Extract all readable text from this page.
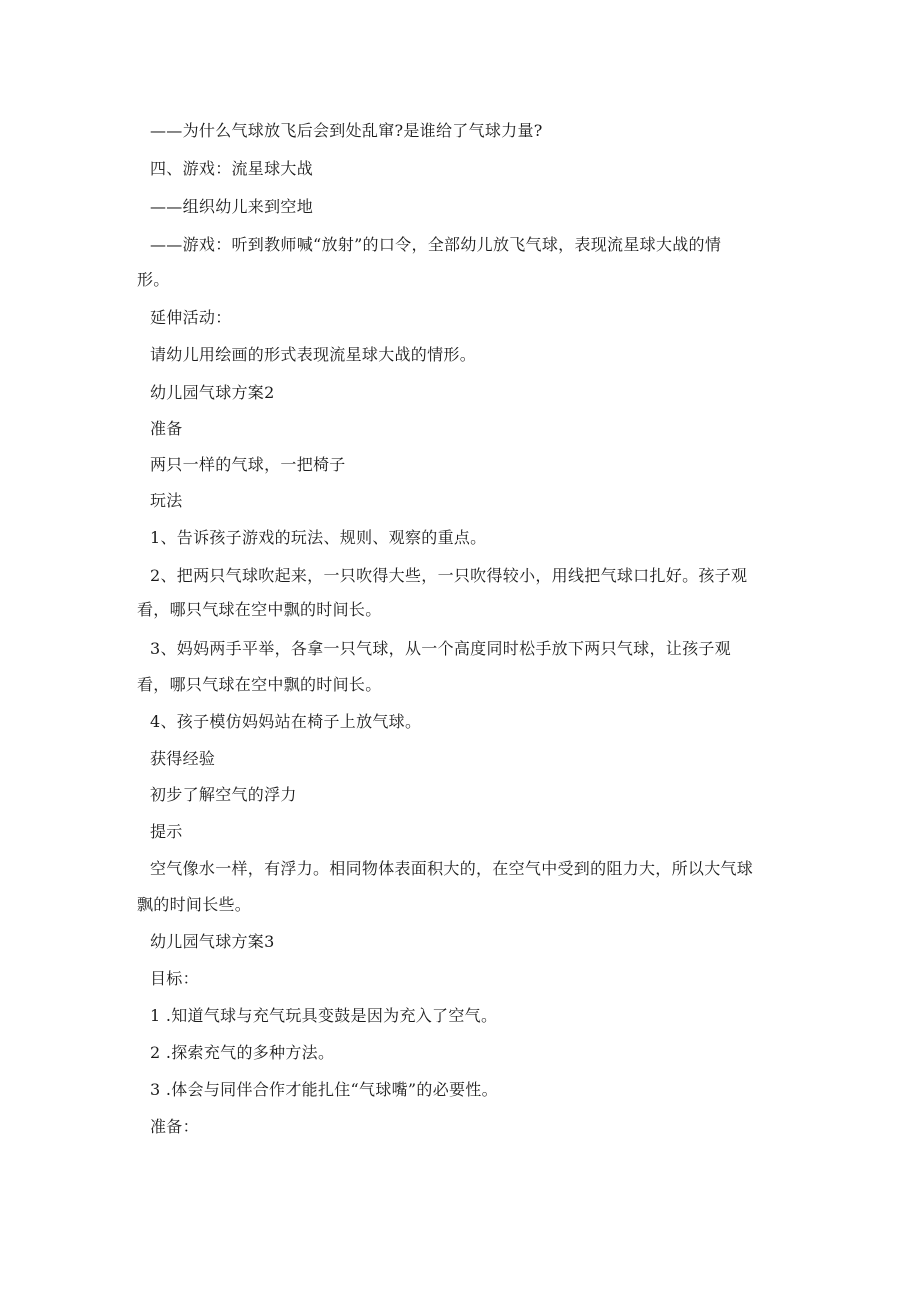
——为什么气球放飞后会到处乱窜?是谁给了气球力量?
四、游戏：流星球大战
——组织幼儿来到空地
——游戏：听到教师喊“放射”的口令，全部幼儿放飞气球，表现流星球大战的情
形。
延伸活动：
请幼儿用绘画的形式表现流星球大战的情形。
幼儿园气球方案2
准备
两只一样的气球，一把椅子
玩法
1、告诉孩子游戏的玩法、规则、观察的重点。
2、把两只气球吹起来，一只吹得大些，一只吹得较小，用线把气球口扎好。孩子观
看，哪只气球在空中飘的时间长。
3、妈妈两手平举，各拿一只气球，从一个高度同时松手放下两只气球，让孩子观
看，哪只气球在空中飘的时间长。
4、孩子模仿妈妈站在椅子上放气球。
获得经验
初步了解空气的浮力
提示
空气像水一样，有浮力。相同物体表面积大的，在空气中受到的阻力大，所以大气球
飘的时间长些。
幼儿园气球方案3
目标：
1 .知道气球与充气玩具变鼓是因为充入了空气。
2 .探索充气的多种方法。
3 .体会与同伴合作才能扎住“气球嘴”的必要性。
准备：
